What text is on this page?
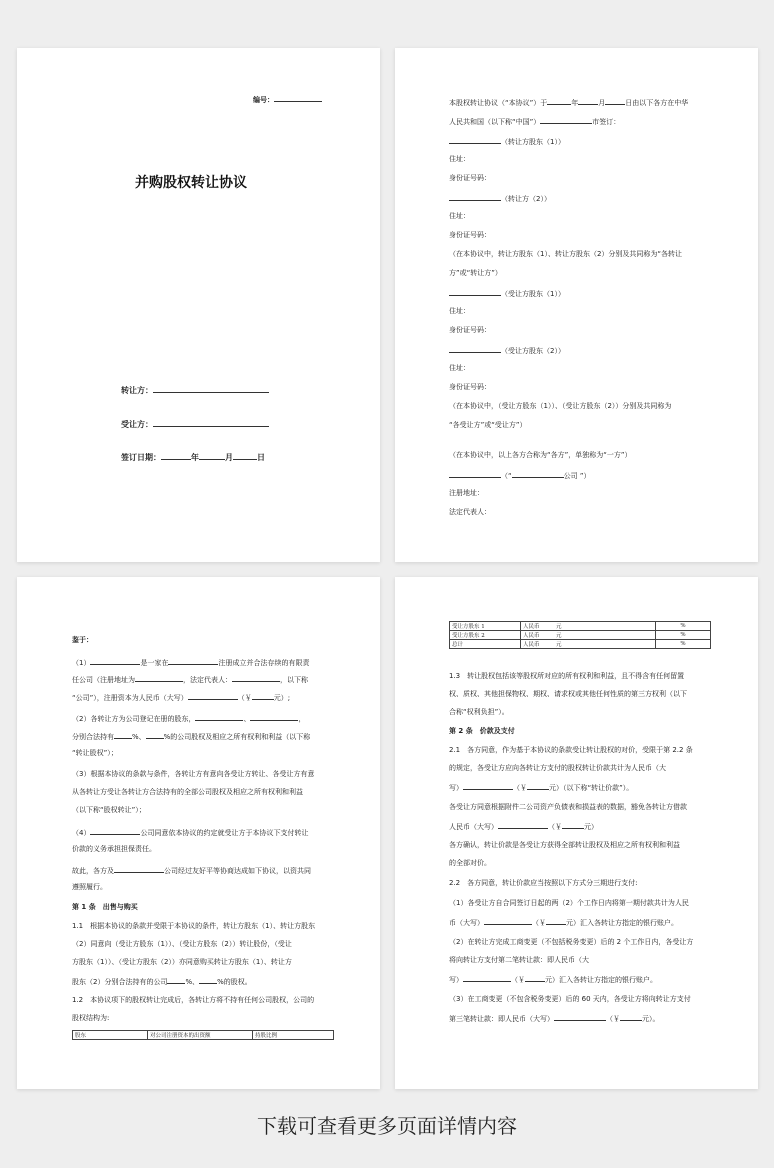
编号：
并购股权转让协议
转让方：
受让方：
签订日期：	年	月	日
本股权转让协议（“本协议”）于	年	月	日由以下各方在中华
人民共和国（以下称“中国”）	市签订：
（转让方股东（1））
住址：
身份证号码：
（转让方（2））
住址：
身份证号码：
（在本协议中，转让方股东（1）、转让方股东（2）分别及共同称为“各转让
方”或“转让方”）
（受让方股东（1））
住址：
身份证号码：
（受让方股东（2））
住址：
身份证号码：
（在本协议中，（受让方股东（1））、（受让方股东（2））分别及共同称为
“各受让方”或“受让方”）
（在本协议中，以上各方合称为“各方”，单独称为“一方”）
（“	公司 ”）
注册地址：
法定代表人：
鉴于：
（1）	是一家在	注册成立并合法存续的有限责
任公司（注册地址为	，法定代表人：	，以下称
“公司”），注册资本为人民币（大写）	（￥	元）;
（2）各转让方为公司登记在册的股东，	、	，
分别合法持有	%、	%的公司股权及相应之所有权利和利益（以下称
“转让股权”）；
（3）根据本协议的条款与条件，各转让方有意向各受让方转让、各受让方有意
从各转让方受让各转让方合法持有的全部公司股权及相应之所有权利和利益
（以下称“股权转让”）；
（4）	公司同意依本协议的约定就受让方于本协议下支付转让
价款的义务承担担保责任。
故此，各方及	公司经过友好平等协商达成如下协议，以资共同
遵照履行。
第 1 条　出售与购买
1.1　根据本协议的条款并受限于本协议的条件，转让方股东（1）、转让方股东
（2）同意向（受让方股东（1））、（受让方股东（2））转让股份，（受让
方股东（1））、（受让方股东（2））亦同意购买转让方股东（1）、转让方
股东（2）分别合法持有的公司	%、	%的股权。
1.2　本协议项下的股权转让完成后，各转让方将不持有任何公司股权，公司的
股权结构为:
股东	对公司注册资本的出资额	持股比例
受让方股东 1	人民币　　　元	%
受让方股东 2	人民币　　　元	%
总计	人民币　　　元	%
1.3　转让股权包括该等股权所对应的所有权利和利益，且不得含有任何留置
权、质权、其他担保物权、期权、请求权或其他任何性质的第三方权利（以下
合称“权利负担”）。
第 2 条　价款及支付
2.1　各方同意，作为基于本协议的条款受让转让股权的对价，受限于第 2.2 条
的规定，各受让方应向各转让方支付的股权转让价款共计为人民币（大
写）	（￥	元）（以下称“转让价款”）。
各受让方同意根据附件二公司资产负债表和损益表的数据，豁免各转让方借款
人民币（大写）	（￥	元）
各方确认，转让价款是各受让方获得全部转让股权及相应之所有权利和利益
的全部对价。
2.2　各方同意，转让价款应当按照以下方式分三期进行支付:
（1）各受让方自合同签订日起的两（2）个工作日内将第一期付款共计为人民
币（大写）	（￥	元）汇入各转让方指定的银行账户。
（2）在转让方完成工商变更（不包括税务变更）后的 2 个工作日内，各受让方
将向转让方支付第二笔转让款：即人民币（大
写）	（￥	元）汇入各转让方指定的银行账户。
（3）在工商变更（不包含税务变更）后的 60 天内，各受让方将向转让方支付
第三笔转让款：即人民币（大写）	（￥	元）。
下载可查看更多页面详情内容
